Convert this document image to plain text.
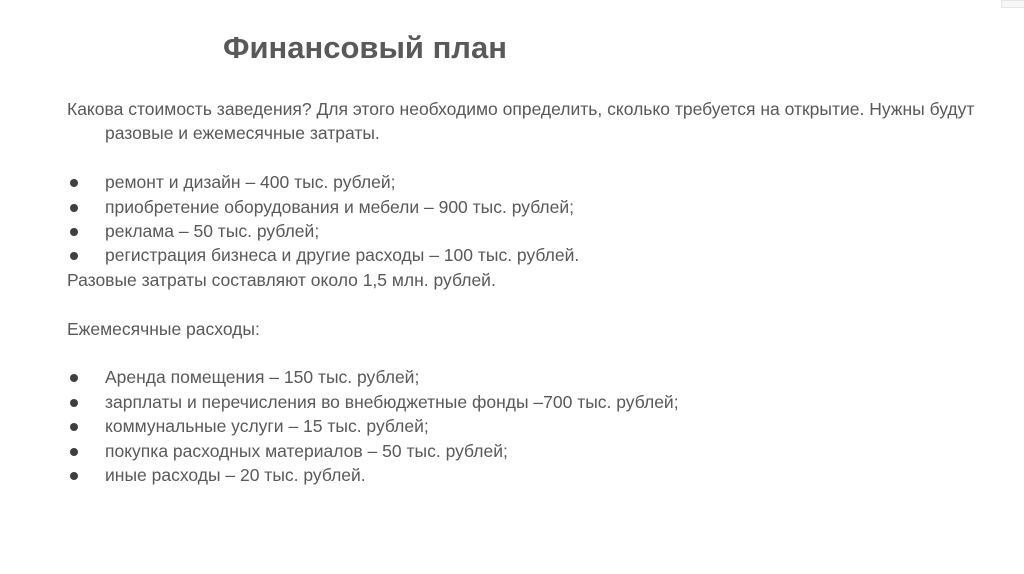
Финансовый план

Какова стоимость заведения? Для этого необходимо определить, сколько требуется на открытие. Нужны будут разовые и ежемесячные затраты.

ремонт и дизайн – 400 тыс. рублей;
приобретение оборудования и мебели – 900 тыс. рублей;
реклама – 50 тыс. рублей;
регистрация бизнеса и другие расходы – 100 тыс. рублей.

Разовые затраты составляют около 1,5 млн. рублей.

Ежемесячные расходы:

Аренда помещения – 150 тыс. рублей;
зарплаты и перечисления во внебюджетные фонды –700 тыс. рублей;
коммунальные услуги – 15 тыс. рублей;
покупка расходных материалов – 50 тыс. рублей;
иные расходы – 20 тыс. рублей.
